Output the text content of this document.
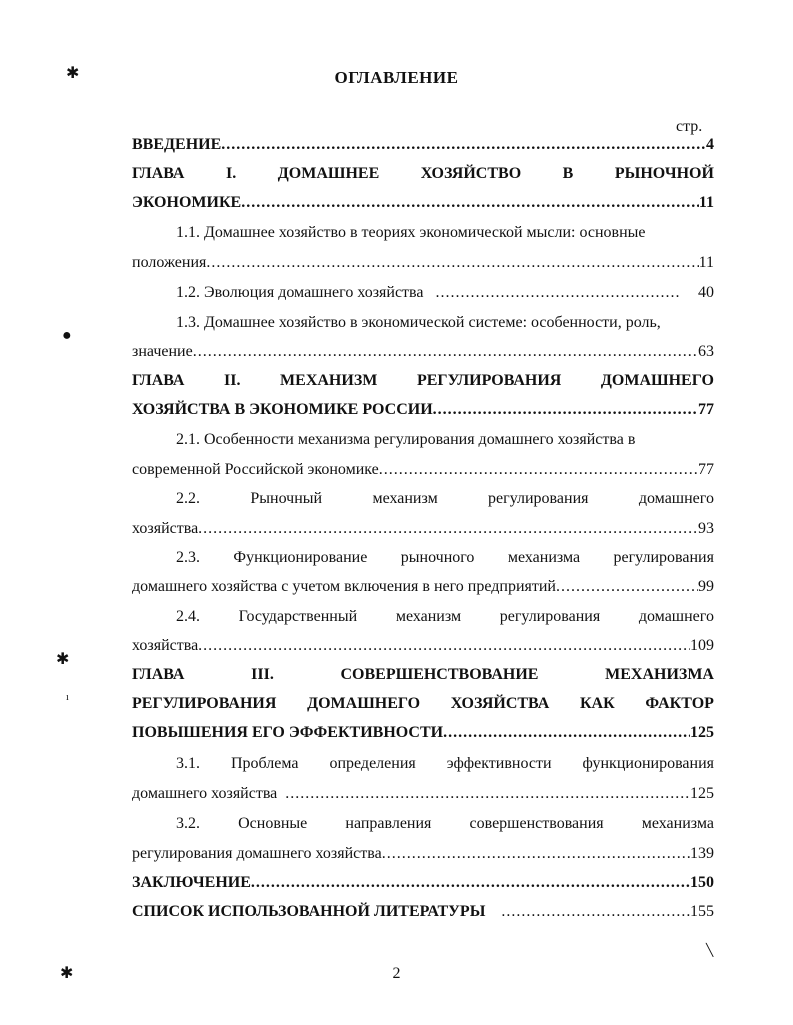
ОГЛАВЛЕНИЕ
стр.
ВВЕДЕНИЕ .....	4
ГЛАВА	I.	ДОМАШНЕЕ	ХОЗЯЙСТВО	В	РЫНОЧНОЙ
ЭКОНОМИКЕ .....	11
1.1. Домашнее хозяйство в теориях экономической мысли: основные
положения .....	11
1.2. Эволюция домашнего хозяйства .....	40
1.3. Домашнее хозяйство в экономической системе: особенности, роль,
значение .....	63
ГЛАВА II. МЕХАНИЗМ РЕГУЛИРОВАНИЯ ДОМАШНЕГО
ХОЗЯЙСТВА В ЭКОНОМИКЕ РОССИИ .....	77
2.1. Особенности механизма регулирования домашнего хозяйства в
современной Российской экономике .....	77
2.2.	Рыночный	механизм	регулирования	домашнего
хозяйства .....	93
2.3. Функционирование рыночного механизма регулирования
домашнего хозяйства с учетом включения в него предприятий .....	99
2.4. Государственный механизм регулирования домашнего
хозяйства .....	109
ГЛАВА	III.	СОВЕРШЕНСТВОВАНИЕ	МЕХАНИЗМА
РЕГУЛИРОВАНИЯ ДОМАШНЕГО ХОЗЯЙСТВА КАК ФАКТОР
ПОВЫШЕНИЯ ЕГО ЭФФЕКТИВНОСТИ .....	125
3.1. Проблема определения эффективности функционирования
домашнего хозяйства .....	125
3.2. Основные направления совершенствования механизма
регулирования домашнего хозяйства .....	139
ЗАКЛЮЧЕНИЕ .....	150
СПИСОК ИСПОЛЬЗОВАННОЙ ЛИТЕРАТУРЫ .....	155
2
✱
●
✱
ı
✱
╲
